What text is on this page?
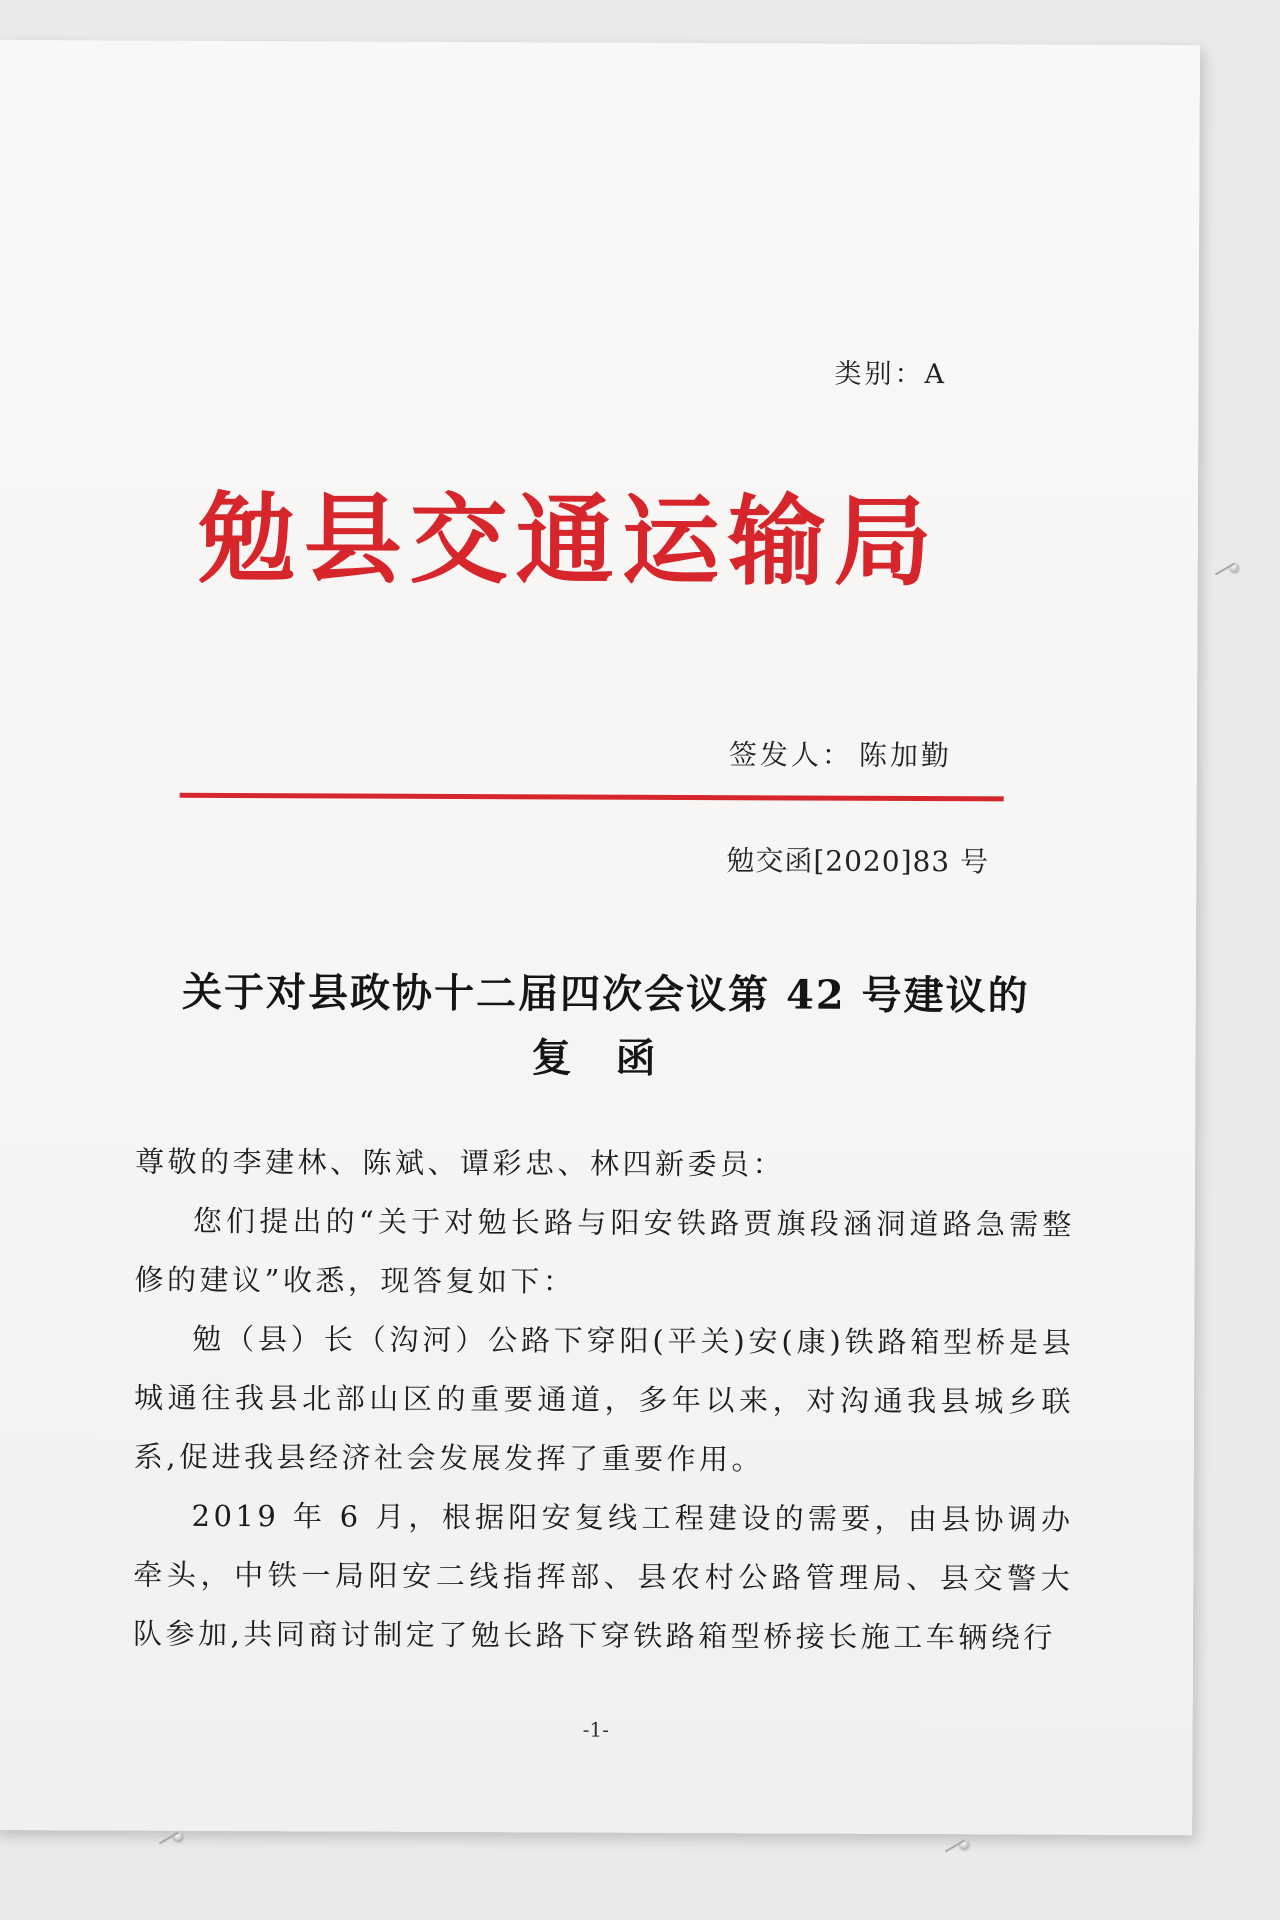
类别：A
勉县交通运输局
签发人： 陈加勤
勉交函[2020]83 号
关于对县政协十二届四次会议第 42 号建议的
复函

尊敬的李建林、陈斌、谭彩忠、林四新委员：

您们提出的“关于对勉长路与阳安铁路贾旗段涵洞道路急需整修的建议”收悉，现答复如下：

勉（县）长（沟河）公路下穿阳(平关)安(康)铁路箱型桥是县城通往我县北部山区的重要通道，多年以来，对沟通我县城乡联系,促进我县经济社会发展发挥了重要作用。

2019 年 6 月，根据阳安复线工程建设的需要，由县协调办牵头，中铁一局阳安二线指挥部、县农村公路管理局、县交警大队参加,共同商讨制定了勉长路下穿铁路箱型桥接长施工车辆绕行

-1-
